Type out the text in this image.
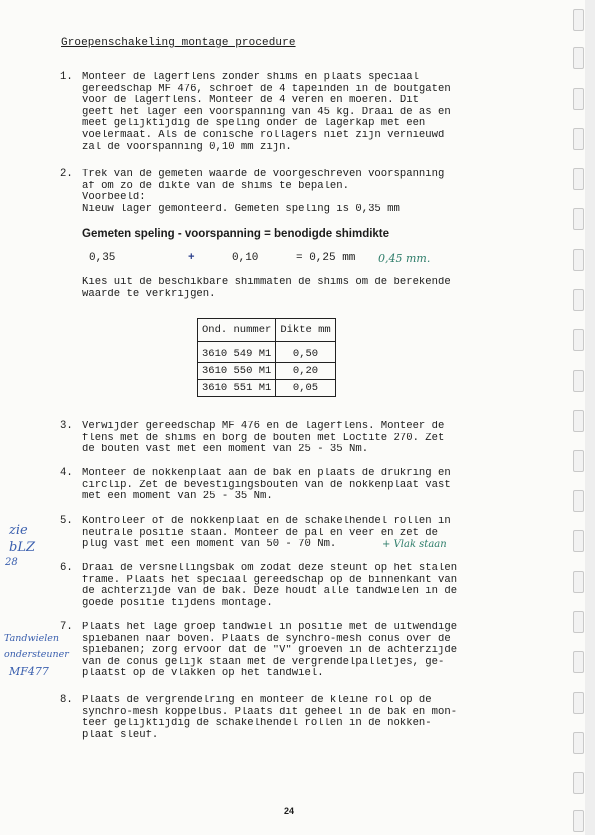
Groepenschakeling montage procedure
1. Monteer de lagerflens zonder shims en plaats speciaal
gereedschap MF 476, schroef de 4 tapeinden in de boutgaten
voor de lagerflens. Monteer de 4 veren en moeren. Dit
geeft het lager een voorspanning van 45 kg. Draai de as en
meet gelijktijdig de speling onder de lagerkap met een
voelermaat. Als de conische rollagers niet zijn vernieuwd
zal de voorspanning 0,10 mm zijn.
2. Trek van de gemeten waarde de voorgeschreven voorspanning
af om zo de dikte van de shims te bepalen.
Voorbeeld:
Nieuw lager gemonteerd. Gemeten speling is 0,35 mm
Gemeten speling - voorspanning = benodigde shimdikte
0,35	+	0,10	= 0,25 mm 0,45 mm.
Kies uit de beschikbare shimmaten de shims om de berekende
waarde te verkrijgen.
Ond. nummer	Dikte mm
3610 549 M1	0,50
3610 550 M1	0,20
3610 551 M1	0,05
3. Verwijder gereedschap MF 476 en de lagerflens. Monteer de
flens met de shims en borg de bouten met Loctite 270. Zet
de bouten vast met een moment van 25 - 35 Nm.
4. Monteer de nokkenplaat aan de bak en plaats de drukring en
circlip. Zet de bevestigingsbouten van de nokkenplaat vast
met een moment van 25 - 35 Nm.
5. Kontroleer of de nokkenplaat en de schakelhendel rollen in
neutrale positie staan. Monteer de pal en veer en zet de
plug vast met een moment van 50 - 70 Nm.	+ Vlak staan
6. Draai de versnellingsbak om zodat deze steunt op het stalen
frame. Plaats het speciaal gereedschap op de binnenkant van
de achterzijde van de bak. Deze houdt alle tandwielen in de
goede positie tijdens montage.
7. Plaats het lage groep tandwiel in positie met de uitwendige
spiebanen naar boven. Plaats de synchro-mesh conus over de
spiebanen; zorg ervoor dat de "V" groeven in de achterzijde
van de conus gelijk staan met de vergrendelpalletjes, ge-
plaatst op de vlakken op het tandwiel.
8. Plaats de vergrendelring en monteer de kleine rol op de
synchro-mesh koppelbus. Plaats dit geheel in de bak en mon-
teer gelijktijdig de schakelhendel rollen in de nokken-
plaat sleuf.
zie
bLZ
28
Tandwielen
ondersteuner
MF477
24
